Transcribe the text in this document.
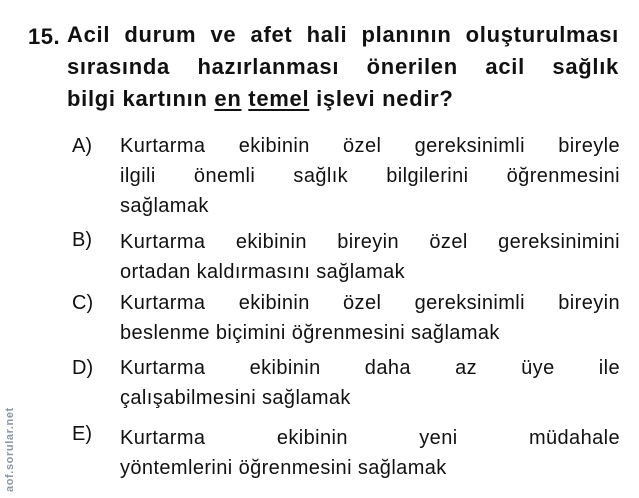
15. Acil durum ve afet hali planının oluşturulması
sırasında hazırlanması önerilen acil sağlık
bilgi kartının en temel işlevi nedir?
A) Kurtarma ekibinin özel gereksinimli bireyle
ilgili önemli sağlık bilgilerini öğrenmesini
sağlamak
B) Kurtarma ekibinin bireyin özel gereksinimini
ortadan kaldırmasını sağlamak
C) Kurtarma ekibinin özel gereksinimli bireyin
beslenme biçimini öğrenmesini sağlamak
D) Kurtarma ekibinin daha az üye ile
çalışabilmesini sağlamak
E) Kurtarma ekibinin yeni müdahale
yöntemlerini öğrenmesini sağlamak
aof.sorular.net
